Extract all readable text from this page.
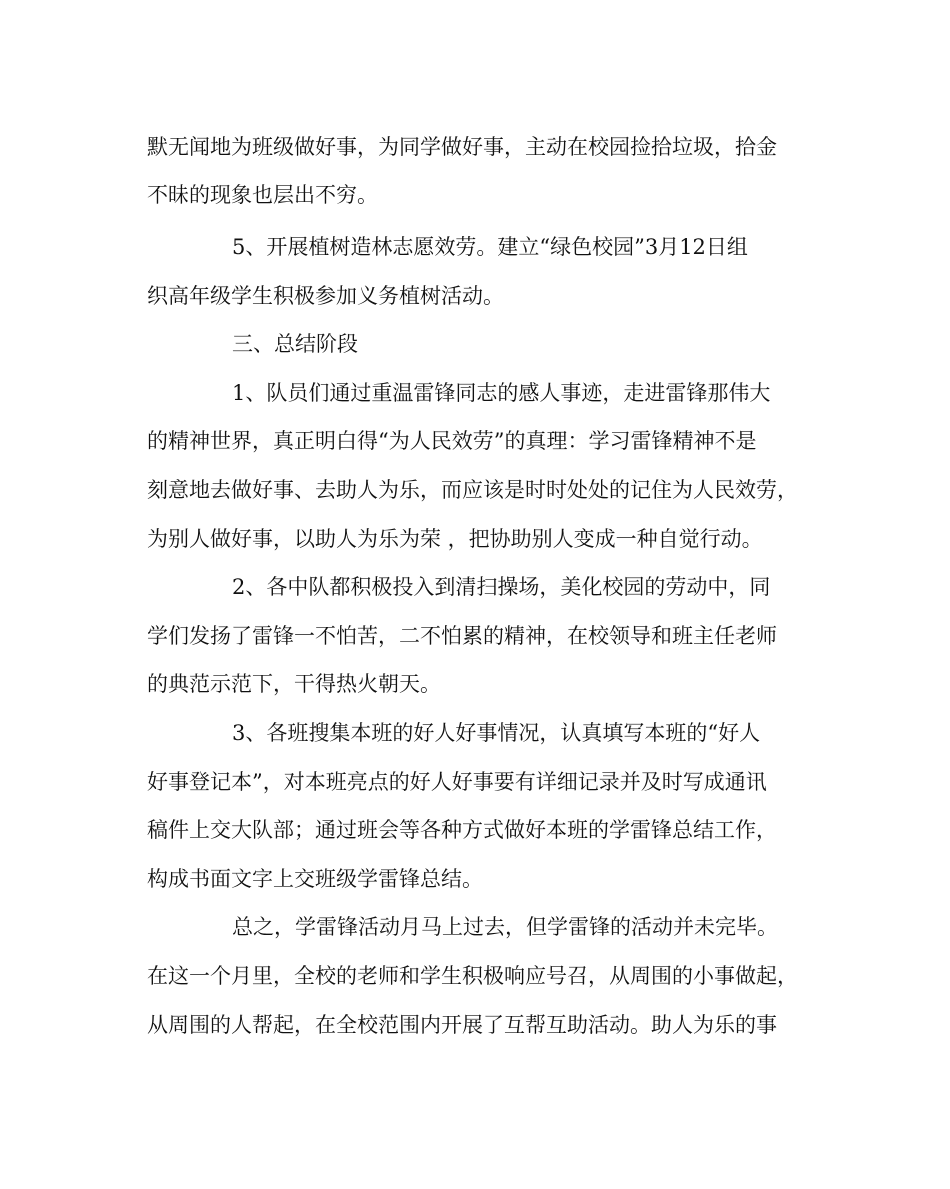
默无闻地为班级做好事，为同学做好事，主动在校园捡拾垃圾，拾金
不昧的现象也层出不穷。
5、开展植树造林志愿效劳。建立“绿色校园”3月12日组
织高年级学生积极参加义务植树活动。
三、总结阶段
1、队员们通过重温雷锋同志的感人事迹，走进雷锋那伟大
的精神世界，真正明白得“为人民效劳”的真理：学习雷锋精神不是
刻意地去做好事、去助人为乐，而应该是时时处处的记住为人民效劳，
为别人做好事，以助人为乐为荣 ，把协助别人变成一种自觉行动。
2、各中队都积极投入到清扫操场，美化校园的劳动中，同
学们发扬了雷锋一不怕苦，二不怕累的精神，在校领导和班主任老师
的典范示范下，干得热火朝天。
3、各班搜集本班的好人好事情况，认真填写本班的“好人
好事登记本”，对本班亮点的好人好事要有详细记录并及时写成通讯
稿件上交大队部；通过班会等各种方式做好本班的学雷锋总结工作，
构成书面文字上交班级学雷锋总结。
总之，学雷锋活动月马上过去，但学雷锋的活动并未完毕。
在这一个月里，全校的老师和学生积极响应号召，从周围的小事做起，
从周围的人帮起，在全校范围内开展了互帮互助活动。助人为乐的事
